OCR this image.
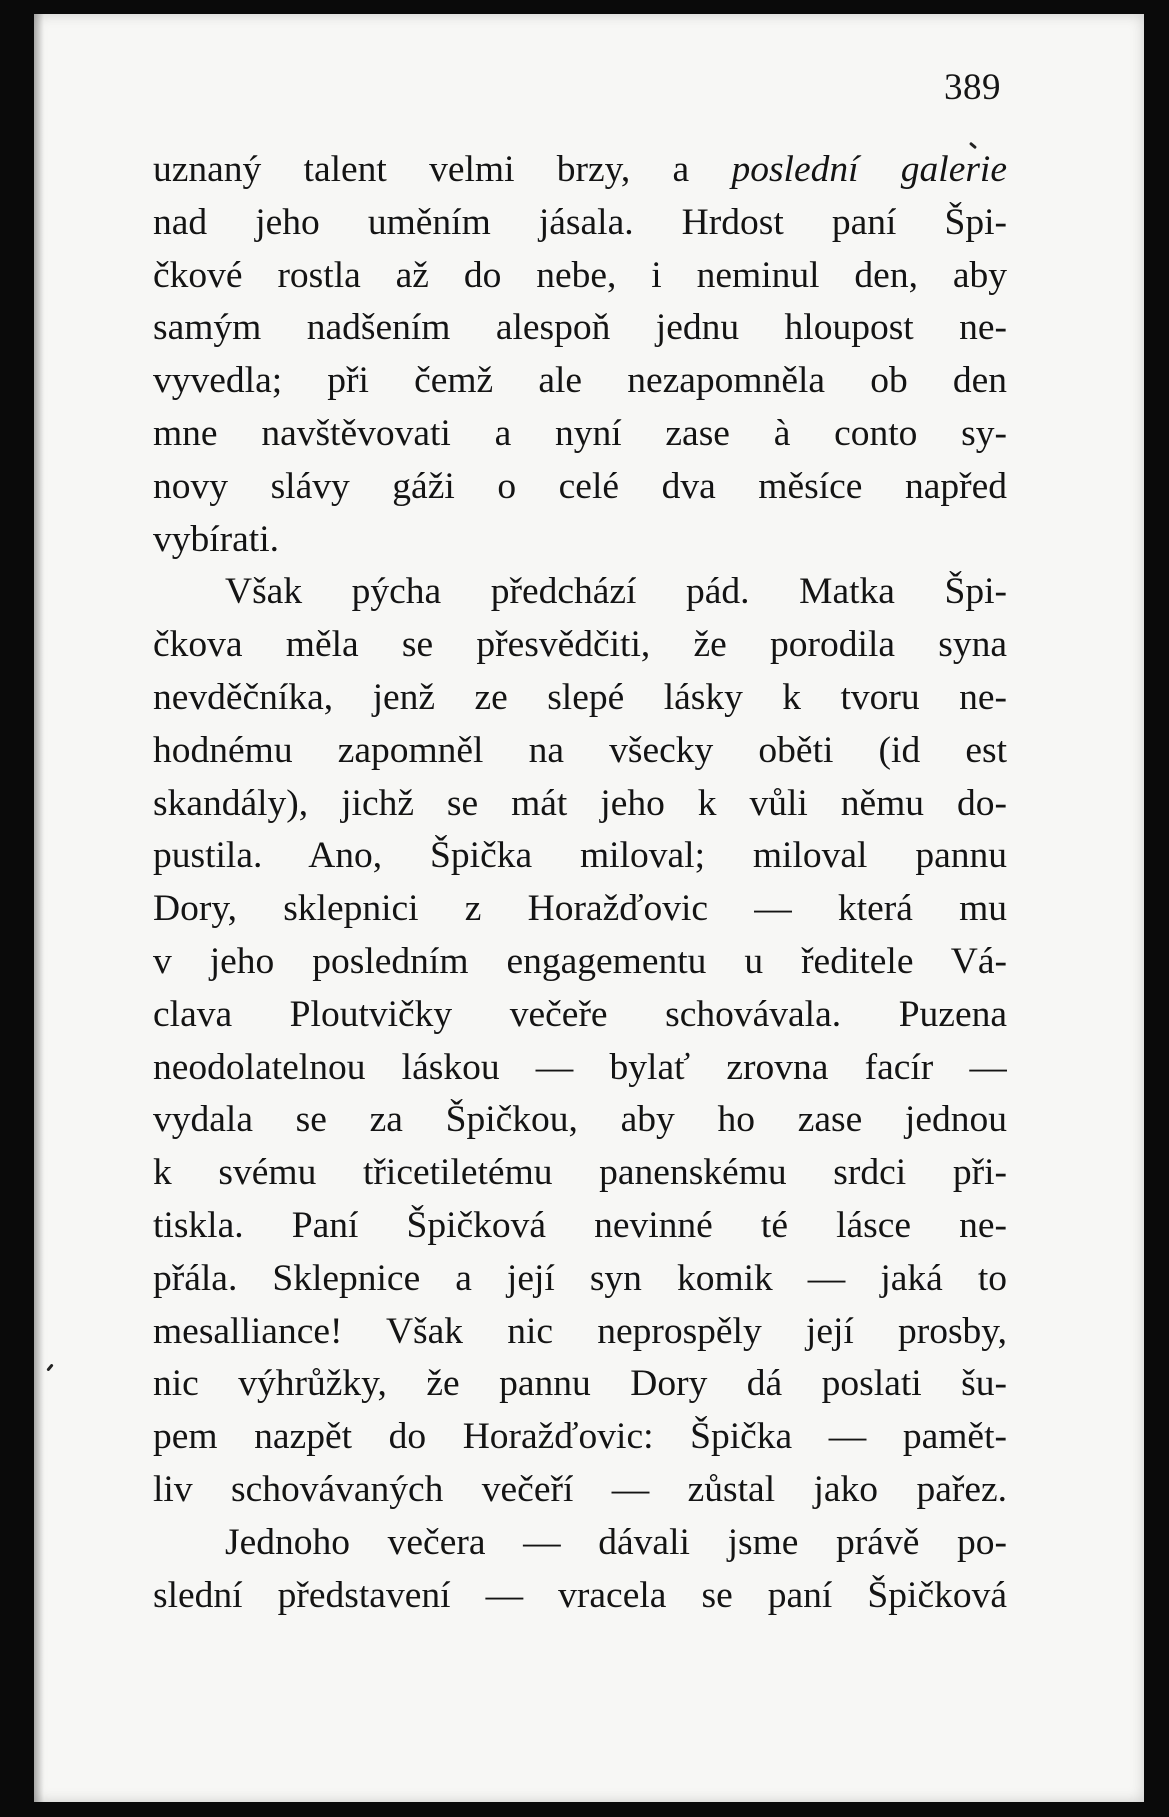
389
uznaný talent velmi brzy, a poslední galerie
nad jeho uměním jásala. Hrdost paní Špi-
čkové rostla až do nebe, i neminul den, aby
samým nadšením alespoň jednu hloupost ne-
vyvedla; při čemž ale nezapomněla ob den
mne navštěvovati a nyní zase à conto sy-
novy slávy gáži o celé dva měsíce napřed
vybírati.
Však pýcha předchází pád. Matka Špi-
čkova měla se přesvědčiti, že porodila syna
nevděčníka, jenž ze slepé lásky k tvoru ne-
hodnému zapomněl na všecky oběti (id est
skandály), jichž se mát jeho k vůli němu do-
pustila. Ano, Špička miloval; miloval pannu
Dory, sklepnici z Horažďovic — která mu
v jeho posledním engagementu u ředitele Vá-
clava Ploutvičky večeře schovávala. Puzena
neodolatelnou láskou — bylať zrovna facír —
vydala se za Špičkou, aby ho zase jednou
k svému třicetiletému panenskému srdci při-
tiskla. Paní Špičková nevinné té lásce ne-
přála. Sklepnice a její syn komik — jaká to
mesalliance! Však nic neprospěly její prosby,
nic výhrůžky, že pannu Dory dá poslati šu-
pem nazpět do Horažďovic: Špička — pamět-
liv schovávaných večeří — zůstal jako pařez.
Jednoho večera — dávali jsme právě po-
slední představení — vracela se paní Špičková
